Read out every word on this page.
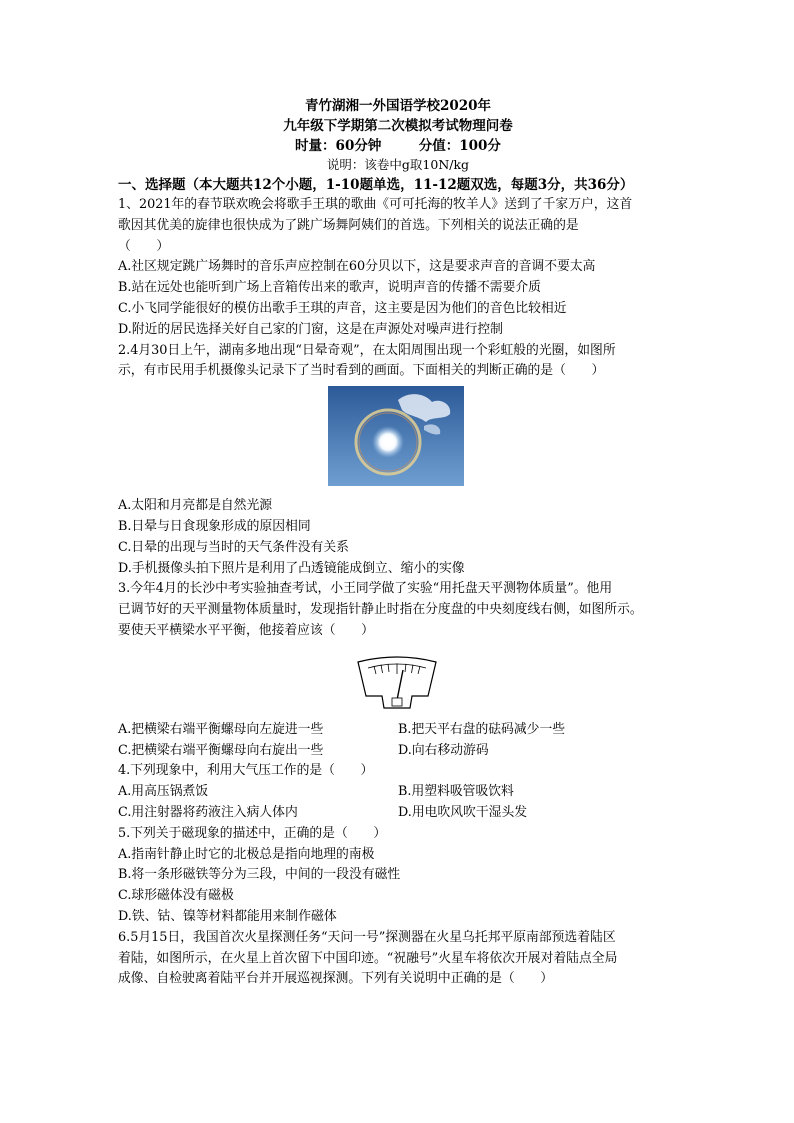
青竹湖湘一外国语学校2020年
九年级下学期第二次模拟考试物理问卷
时量：60分钟	分值：100分
说明：该卷中g取10N/kg
一、选择题（本大题共12个小题，1-10题单选，11-12题双选，每题3分，共36分）
1、2021年的春节联欢晚会将歌手王琪的歌曲《可可托海的牧羊人》送到了千家万户，这首
歌因其优美的旋律也很快成为了跳广场舞阿姨们的首选。下列相关的说法正确的是
（　　）
A.社区规定跳广场舞时的音乐声应控制在60分贝以下，这是要求声音的音调不要太高
B.站在远处也能听到广场上音箱传出来的歌声，说明声音的传播不需要介质
C.小飞同学能很好的模仿出歌手王琪的声音，这主要是因为他们的音色比较相近
D.附近的居民选择关好自己家的门窗，这是在声源处对噪声进行控制
2.4月30日上午，湖南多地出现“日晕奇观”，在太阳周围出现一个彩虹般的光圈，如图所
示，有市民用手机摄像头记录下了当时看到的画面。下面相关的判断正确的是（　　）
A.太阳和月亮都是自然光源
B.日晕与日食现象形成的原因相同
C.日晕的出现与当时的天气条件没有关系
D.手机摄像头拍下照片是利用了凸透镜能成倒立、缩小的实像
3.今年4月的长沙中考实验抽查考试，小王同学做了实验“用托盘天平测物体质量”。他用
已调节好的天平测量物体质量时，发现指针静止时指在分度盘的中央刻度线右侧，如图所示。
要使天平横梁水平平衡，他接着应该（　　）
A.把横梁右端平衡螺母向左旋进一些	B.把天平右盘的砝码减少一些
C.把横梁右端平衡螺母向右旋出一些	D.向右移动游码
4.下列现象中，利用大气压工作的是（　　）
A.用高压锅煮饭	B.用塑料吸管吸饮料
C.用注射器将药液注入病人体内	D.用电吹风吹干湿头发
5.下列关于磁现象的描述中，正确的是（　　）
A.指南针静止时它的北极总是指向地理的南极
B.将一条形磁铁等分为三段，中间的一段没有磁性
C.球形磁体没有磁极
D.铁、钴、镍等材料都能用来制作磁体
6.5月15日，我国首次火星探测任务“天问一号”探测器在火星乌托邦平原南部预选着陆区
着陆，如图所示，在火星上首次留下中国印迹。“祝融号”火星车将依次开展对着陆点全局
成像、自检驶离着陆平台并开展巡视探测。下列有关说明中正确的是（　　）
